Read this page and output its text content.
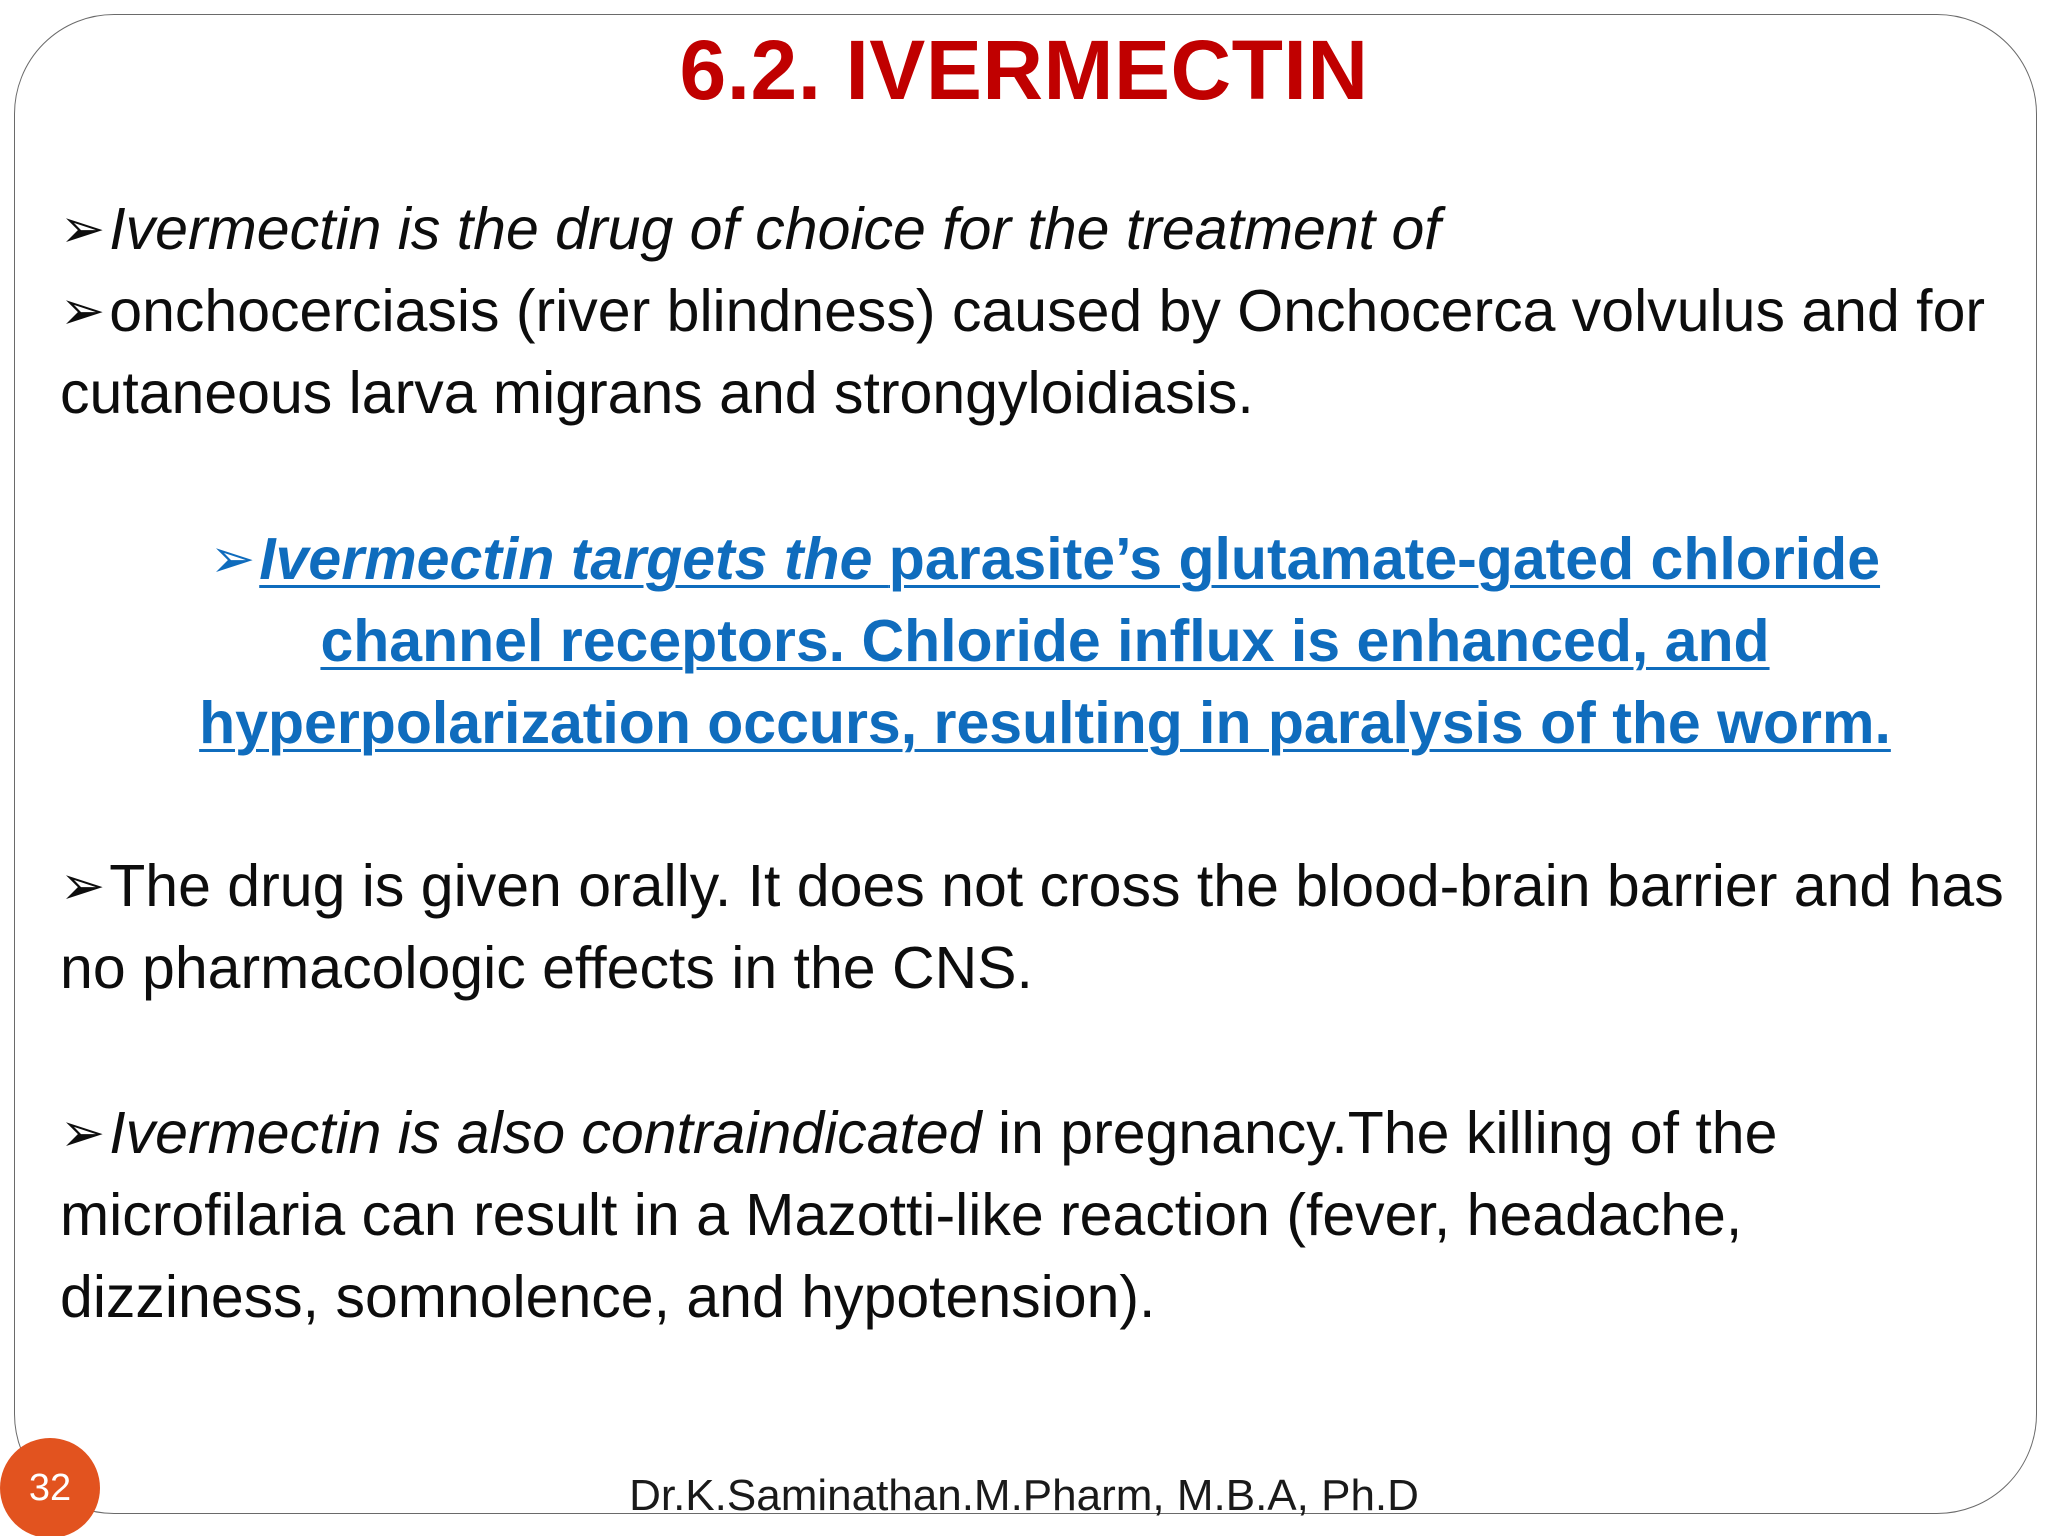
6.2. IVERMECTIN
➢Ivermectin is the drug of choice for the treatment of
➢onchocerciasis (river blindness) caused by Onchocerca volvulus and for cutaneous larva migrans and strongyloidiasis.
➢Ivermectin targets the parasite’s glutamate-gated chloride
channel receptors. Chloride influx is enhanced, and
hyperpolarization occurs, resulting in paralysis of the worm.
➢The drug is given orally. It does not cross the blood-brain barrier and has no pharmacologic effects in the CNS.
➢Ivermectin is also contraindicated in pregnancy.The killing of the microfilaria can result in a Mazotti-like reaction (fever, headache, dizziness, somnolence, and hypotension).
32	Dr.K.Saminathan.M.Pharm, M.B.A, Ph.D
